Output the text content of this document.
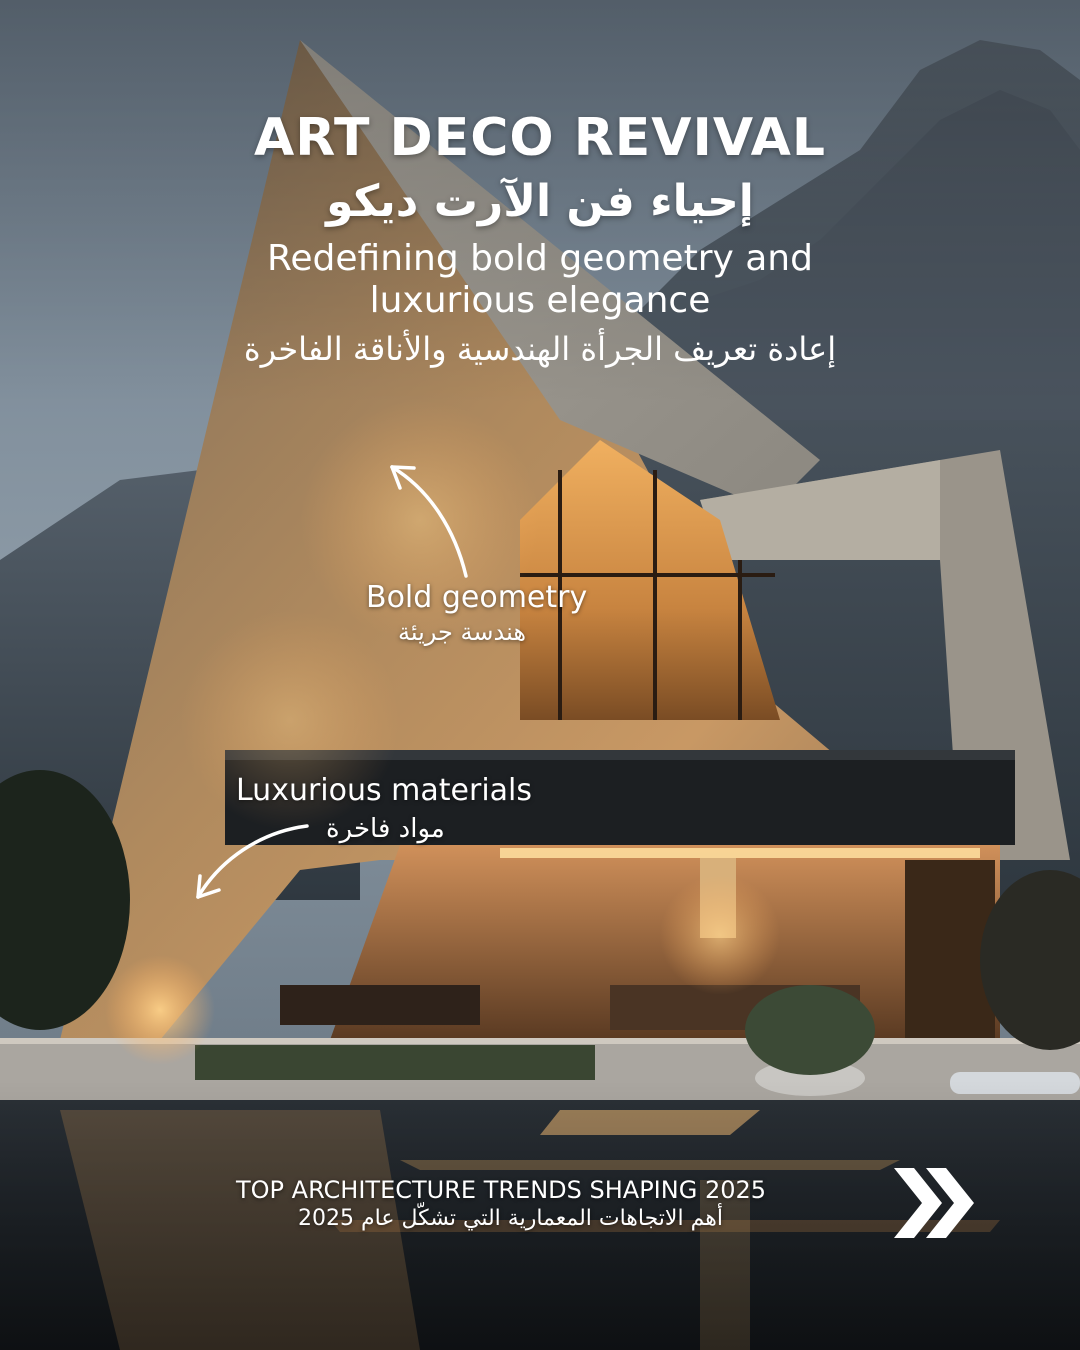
ART DECO REVIVAL
إحياء فن الآرت ديكو
Redefining bold geometry and
luxurious elegance
إعادة تعريف الجرأة الهندسية والأناقة الفاخرة
Bold geometry
هندسة جريئة
Luxurious materials
مواد فاخرة
TOP ARCHITECTURE TRENDS SHAPING 2025
أهم الاتجاهات المعمارية التي تشكّل عام 2025
